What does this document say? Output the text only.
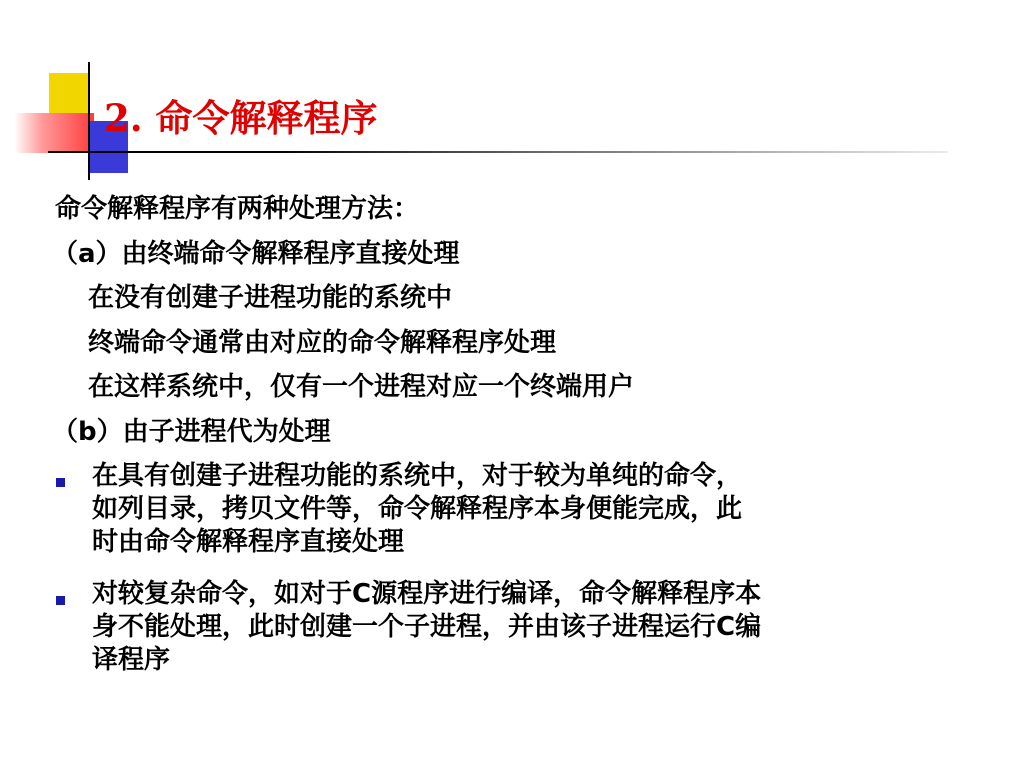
2. 命令解释程序
命令解释程序有两种处理方法：
（a）由终端命令解释程序直接处理
在没有创建子进程功能的系统中
终端命令通常由对应的命令解释程序处理
在这样系统中，仅有一个进程对应一个终端用户
（b）由子进程代为处理
在具有创建子进程功能的系统中，对于较为单纯的命令，
如列目录，拷贝文件等，命令解释程序本身便能完成，此
时由命令解释程序直接处理
对较复杂命令，如对于C源程序进行编译，命令解释程序本
身不能处理，此时创建一个子进程，并由该子进程运行C编
译程序
